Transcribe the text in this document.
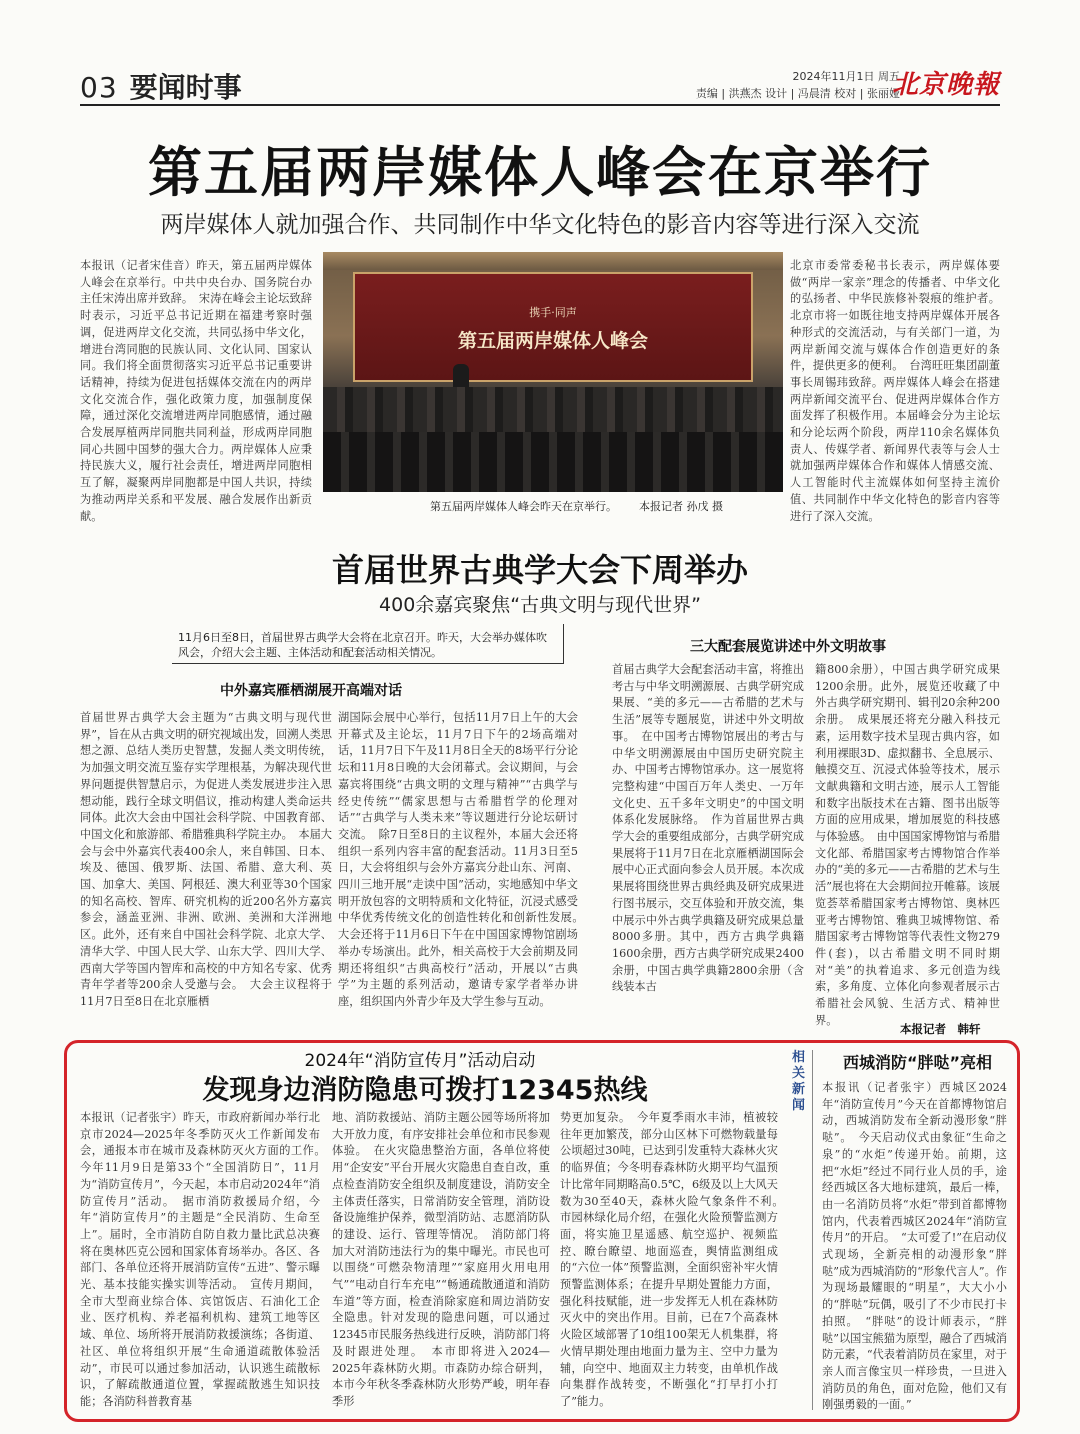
03 要闻时事	2024年11月1日 周五
责编 | 洪燕杰 设计 | 冯晨清 校对 | 张丽娅
北京晚報
第五届两岸媒体人峰会在京举行
两岸媒体人就加强合作、共同制作中华文化特色的影音内容等进行深入交流
本报讯（记者宋佳音）昨天，第五届两岸媒体人峰会在京举行。中共中央台办、国务院台办主任宋涛出席并致辞。　宋涛在峰会主论坛致辞时表示，习近平总书记近期在福建考察时强调，促进两岸文化交流，共同弘扬中华文化，增进台湾同胞的民族认同、文化认同、国家认同。我们将全面贯彻落实习近平总书记重要讲话精神，持续为促进包括媒体交流在内的两岸文化交流合作，强化政策力度，加强制度保障，通过深化交流增进两岸同胞感情，通过融合发展厚植两岸同胞共同利益，形成两岸同胞同心共圆中国梦的强大合力。两岸媒体人应秉持民族大义，履行社会责任，增进两岸同胞相互了解，凝聚两岸同胞都是中国人共识，持续为推动两岸关系和平发展、融合发展作出新贡献。
携手·同声
第五届两岸媒体人峰会
第五届两岸媒体人峰会昨天在京举行。 本报记者 孙戊 摄
北京市委常委秘书长表示，两岸媒体要做“两岸一家亲”理念的传播者、中华文化的弘扬者、中华民族修补裂痕的维护者。北京市将一如既往地支持两岸媒体开展各种形式的交流活动，与有关部门一道，为两岸新闻交流与媒体合作创造更好的条件，提供更多的便利。　台湾旺旺集团副董事长周锡玮致辞。两岸媒体人峰会在搭建两岸新闻交流平台、促进两岸媒体合作方面发挥了积极作用。本届峰会分为主论坛和分论坛两个阶段，两岸110余名媒体负责人、传媒学者、新闻界代表等与会人士就加强两岸媒体合作和媒体人情感交流、人工智能时代主流媒体如何坚持主流价值、共同制作中华文化特色的影音内容等进行了深入交流。
首届世界古典学大会下周举办
400余嘉宾聚焦“古典文明与现代世界”
11月6日至8日，首届世界古典学大会将在北京召开。昨天，大会举办媒体吹风会，介绍大会主题、主体活动和配套活动相关情况。
中外嘉宾雁栖湖展开高端对话
三大配套展览讲述中外文明故事
首届世界古典学大会主题为“古典文明与现代世界”，旨在从古典文明的研究视域出发，回溯人类思想之源、总结人类历史智慧，发掘人类文明传统，为加强文明交流互鉴存实学理根基，为解决现代世界问题提供智慧启示，为促进人类发展进步注入思想动能，践行全球文明倡议，推动构建人类命运共同体。此次大会由中国社会科学院、中国教育部、中国文化和旅游部、希腊雅典科学院主办。　本届大会与会中外嘉宾代表400余人，来自韩国、日本、埃及、德国、俄罗斯、法国、希腊、意大利、英国、加拿大、美国、阿根廷、澳大利亚等30个国家的知名高校、智库、研究机构的近200名外方嘉宾参会，涵盖亚洲、非洲、欧洲、美洲和大洋洲地区。此外，还有来自中国社会科学院、北京大学、清华大学、中国人民大学、山东大学、四川大学、西南大学等国内智库和高校的中方知名专家、优秀青年学者等200余人受邀与会。　大会主议程将于11月7日至8日在北京雁栖
湖国际会展中心举行，包括11月7日上午的大会开幕式及主论坛，11月7日下午的2场高端对话，11月7日下午及11月8日全天的8场平行分论坛和11月8日晚的大会闭幕式。会议期间，与会嘉宾将围绕“古典文明的文理与精神”“古典学与经史传统”“儒家思想与古希腊哲学的伦理对话”“古典学与人类未来”等议题进行分论坛研讨交流。　除7日至8日的主议程外，本届大会还将组织一系列内容丰富的配套活动。11月3日至5日，大会将组织与会外方嘉宾分赴山东、河南、四川三地开展“走读中国”活动，实地感知中华文明开放包容的文明特质和文化特征，沉浸式感受中华优秀传统文化的创造性转化和创新性发展。　大会还将于11月6日下午在中国国家博物馆剧场举办专场演出。此外，相关高校于大会前期及同期还将组织“古典高校行”活动，开展以“古典学”为主题的系列活动，邀请专家学者举办讲座，组织国内外青少年及大学生参与互动。
首届古典学大会配套活动丰富，将推出考古与中华文明溯源展、古典学研究成果展、“美的多元——古希腊的艺术与生活”展等专题展览，讲述中外文明故事。　在中国考古博物馆展出的考古与中华文明溯源展由中国历史研究院主办、中国考古博物馆承办。这一展览将完整构建“中国百万年人类史、一万年文化史、五千多年文明史”的中国文明体系化发展脉络。　作为首届世界古典学大会的重要组成部分，古典学研究成果展将于11月7日在北京雁栖湖国际会展中心正式面向参会人员开展。本次成果展将围绕世界古典经典及研究成果进行图书展示，交互体验和开放交流，集中展示中外古典学典籍及研究成果总量8000多册。其中，西方古典学典籍1600余册，西方古典学研究成果2400余册，中国古典学典籍2800余册（含线装本古
籍800余册），中国古典学研究成果1200余册。此外，展览还收藏了中外古典学研究期刊、辑刊20余种200余册。　成果展还将充分融入科技元素，运用数字技术呈现古典内容，如利用裸眼3D、虚拟翻书、全息展示、触摸交互、沉浸式体验等技术，展示文献典籍和文明古迹，展示人工智能和数字出版技术在古籍、图书出版等方面的应用成果，增加展览的科技感与体验感。　由中国国家博物馆与希腊文化部、希腊国家考古博物馆合作举办的“美的多元——古希腊的艺术与生活”展也将在大会期间拉开帷幕。该展览荟萃希腊国家考古博物馆、奥林匹亚考古博物馆、雅典卫城博物馆、希腊国家考古博物馆等代表性文物279件(套)，以古希腊文明不同时期对“美”的执着追求、多元创造为线索，多角度、立体化向参观者展示古希腊社会风貌、生活方式、精神世界。
本报记者　韩轩
2024年“消防宣传月”活动启动
发现身边消防隐患可拨打12345热线
本报讯（记者张宇）昨天，市政府新闻办举行北京市2024—2025年冬季防灭火工作新闻发布会，通报本市在城市及森林防灭火方面的工作。　今年11月9日是第33个“全国消防日”，11月为“消防宣传月”，今天起，本市启动2024年“消防宣传月”活动。　据市消防救援局介绍，今年“消防宣传月”的主题是“全民消防、生命至上”。届时，全市消防自防自救力量比武总决赛将在奥林匹克公园和国家体育场举办。各区、各部门、各单位还将开展消防宣传“五进”、警示曝光、基本技能实操实训等活动。　宣传月期间，全市大型商业综合体、宾馆饭店、石油化工企业、医疗机构、养老福利机构、建筑工地等区域、单位、场所将开展消防救援演练；各街道、社区、单位将组织开展“生命通道疏散体验活动”，市民可以通过参加活动，认识逃生疏散标识，了解疏散通道位置，掌握疏散逃生知识技能；各消防科普教育基
地、消防救援站、消防主题公园等场所将加大开放力度，有序安排社会单位和市民参观体验。　在火灾隐患整治方面，各单位将使用“企安安”平台开展火灾隐患自查自改，重点检查消防安全组织及制度建设，消防安全主体责任落实，日常消防安全管理，消防设备设施维护保养，微型消防站、志愿消防队的建设、运行、管理等情况。　消防部门将加大对消防违法行为的集中曝光。市民也可以围绕“可燃杂物清理”“家庭用火用电用气”“电动自行车充电”“畅通疏散通道和消防车道”等方面，检查消除家庭和周边消防安全隐患。针对发现的隐患问题，可以通过12345市民服务热线进行反映，消防部门将及时跟进处理。　本市即将进入2024—2025年森林防火期。市森防办综合研判，本市今年秋冬季森林防火形势严峻，明年春季形
势更加复杂。　今年夏季雨水丰沛，植被较往年更加繁茂，部分山区林下可燃物载量每公顷超过30吨，已达到引发重特大森林火灾的临界值；今冬明春森林防火期平均气温预计比常年同期略高0.5℃，6级及以上大风天数为30至40天，森林火险气象条件不利。　市园林绿化局介绍，在强化火险预警监测方面，将实施卫星遥感、航空巡护、视频监控、瞭台瞭望、地面巡查，舆情监测组成的“六位一体”预警监测，全面织密补牢火情预警监测体系；在提升早期处置能力方面，强化科技赋能，进一步发挥无人机在森林防灭火中的突出作用。目前，已在7个高森林火险区域部署了10组100架无人机集群，将火情早期处理由地面力量为主、空中力量为辅，向空中、地面双主力转变，由单机作战向集群作战转变，不断强化“打早打小打了”能力。
相关新闻
西城消防“胖哒”亮相
本报讯（记者张宇）西城区2024年“消防宣传月”今天在首都博物馆启动，西城消防发布全新动漫形象“胖哒”。　今天启动仪式由象征“生命之泉”的“水炬”传递开始。前期，这把“水炬”经过不同行业人员的手，途经西城区各大地标建筑，最后一棒，由一名消防员将“水炬”带到首都博物馆内，代表着西城区2024年“消防宣传月”的开启。　“太可爱了!”在启动仪式现场，全新亮相的动漫形象“胖哒”成为西城消防的“形象代言人”。作为现场最耀眼的“明星”，大大小小的“胖哒”玩偶，吸引了不少市民打卡拍照。　“胖哒”的设计师表示，“胖哒”以国宝熊猫为原型，融合了西城消防元素，“代表着消防员在家里，对于亲人而言像宝贝一样珍贵，一旦进入消防员的角色，面对危险，他们又有刚强勇毅的一面。”
